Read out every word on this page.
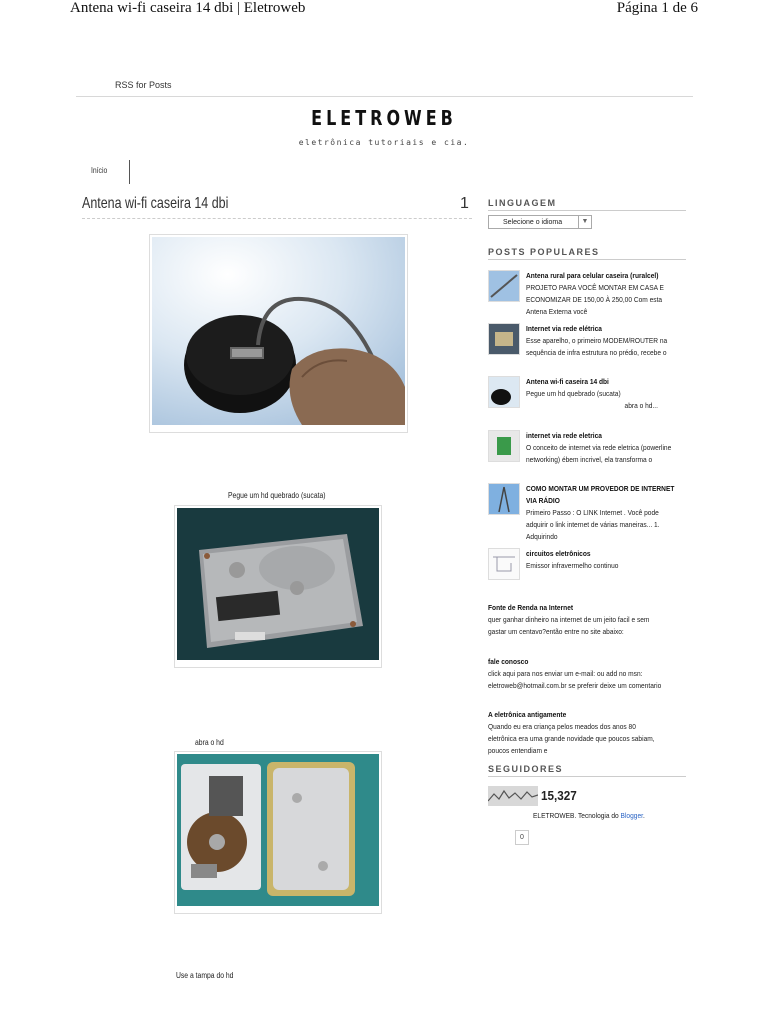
Antena wi-fi caseira 14 dbi | Eletroweb	Página 1 de 6
RSS for Posts
ELETROWEB
eletrônica tutoriais e cia.
Início
Antena wi-fi caseira 14 dbi	1
Pegue um hd quebrado (sucata)
abra o hd
Use a tampa do hd
LINGUAGEM
Selecione o idioma	▼
POSTS POPULARES
Antena rural para celular caseira (ruralcel)
PROJETO PARA VOCÊ MONTAR EM CASA E ECONOMIZAR DE 150,00 À 250,00 Com esta Antena Externa você
Internet via rede elétrica
Esse aparelho, o primeiro MODEM/ROUTER na sequência de infra estrutura no prédio, recebe o
Antena wi-fi caseira 14 dbi
Pegue um hd quebrado (sucata)
abra o hd...
internet via rede eletrica
O conceito de internet via rede eletrica (powerline networking) ébem incrivel, ela transforma o
COMO MONTAR UM PROVEDOR DE INTERNET VIA RÁDIO
Primeiro Passo : O LINK Internet . Você pode adquirir o link internet de várias maneiras... 1. Adquirindo
circuitos eletrônicos
Emissor infravermelho continuo
Fonte de Renda na Internet
quer ganhar dinheiro na internet de um jeito facil e sem gastar um centavo?então entre no site abaixo:
fale conosco
click aqui para nos enviar um e-mail: ou add no msn: eletroweb@hotmail.com.br se preferir deixe um comentario
A eletrônica antigamente
Quando eu era criança pelos meados dos anos 80 eletrônica era uma grande novidade que poucos sabiam, poucos entendiam e
SEGUIDORES
15,327
ELETROWEB. Tecnologia do Blogger.
0
